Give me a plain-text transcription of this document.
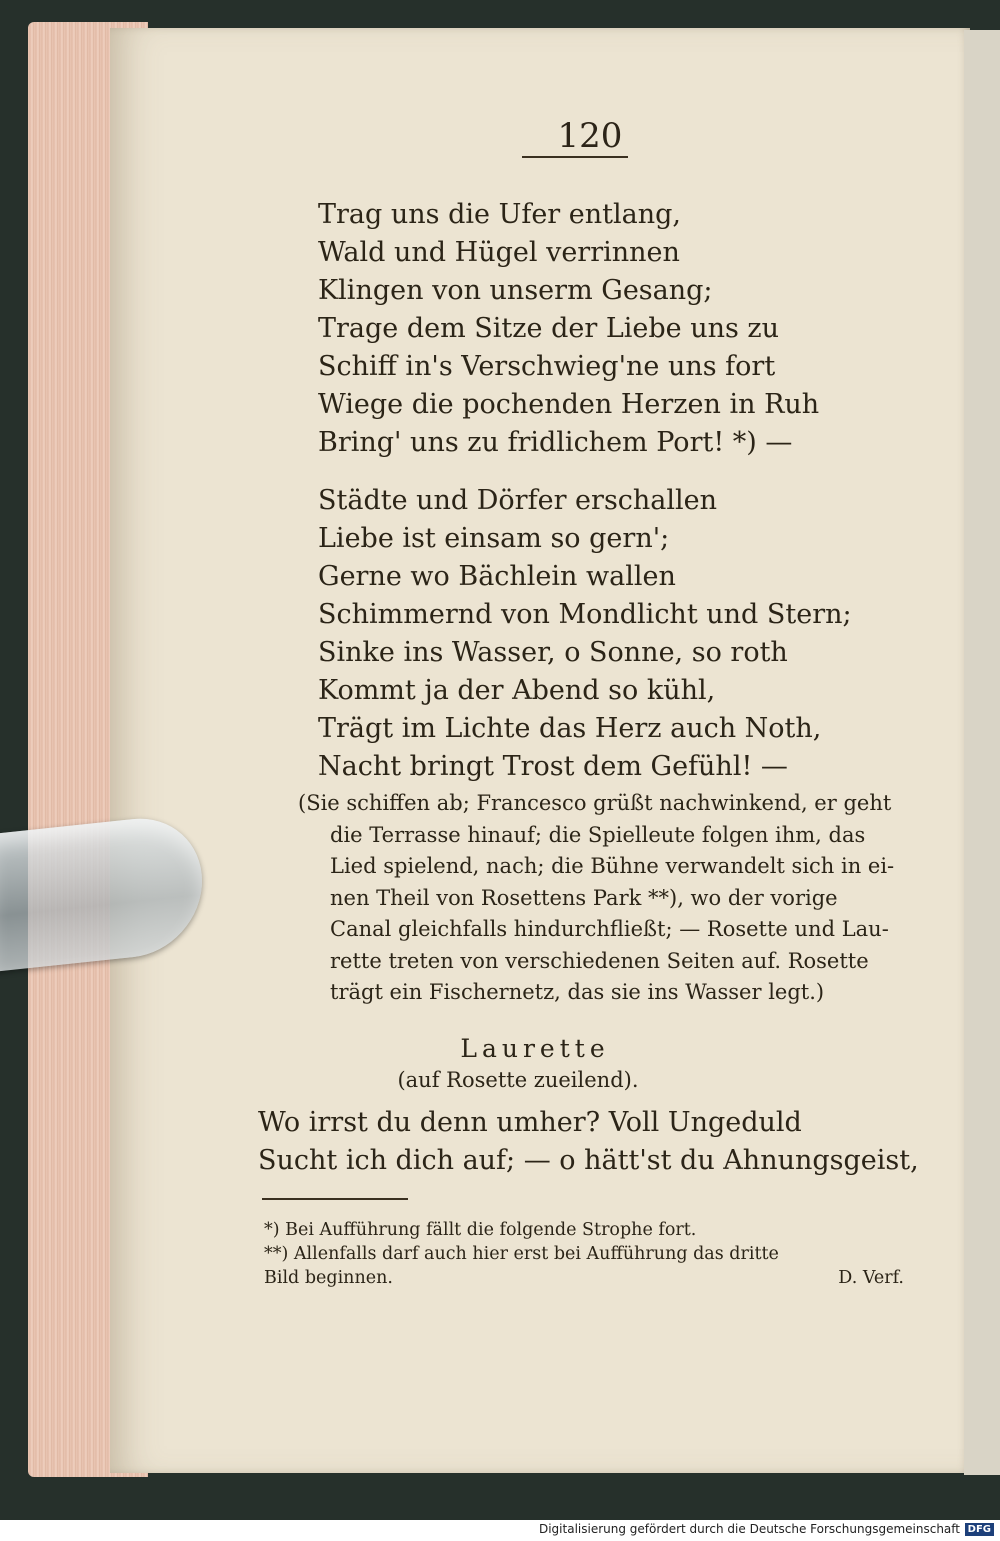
120
Trag uns die Ufer entlang,
Wald und Hügel verrinnen
Klingen von unserm Gesang;
Trage dem Sitze der Liebe uns zu
Schiff in's Verschwieg'ne uns fort
Wiege die pochenden Herzen in Ruh
Bring' uns zu fridlichem Port! *) —
Städte und Dörfer erschallen
Liebe ist einsam so gern';
Gerne wo Bächlein wallen
Schimmernd von Mondlicht und Stern;
Sinke ins Wasser, o Sonne, so roth
Kommt ja der Abend so kühl,
Trägt im Lichte das Herz auch Noth,
Nacht bringt Trost dem Gefühl! —
(Sie schiffen ab; Francesco grüßt nachwinkend, er geht
die Terrasse hinauf; die Spielleute folgen ihm, das
Lied spielend, nach; die Bühne verwandelt sich in ei-
nen Theil von Rosettens Park **), wo der vorige
Canal gleichfalls hindurchfließt; — Rosette und Lau-
rette treten von verschiedenen Seiten auf. Rosette
trägt ein Fischernetz, das sie ins Wasser legt.)
Laurette
(auf Rosette zueilend).
Wo irrst du denn umher? Voll Ungeduld
Sucht ich dich auf; — o hätt'st du Ahnungsgeist,
*) Bei Aufführung fällt die folgende Strophe fort.
**) Allenfalls darf auch hier erst bei Aufführung das dritte
Bild beginnen.	D. Verf.
Digitalisierung gefördert durch die Deutsche Forschungsgemeinschaft DFG
